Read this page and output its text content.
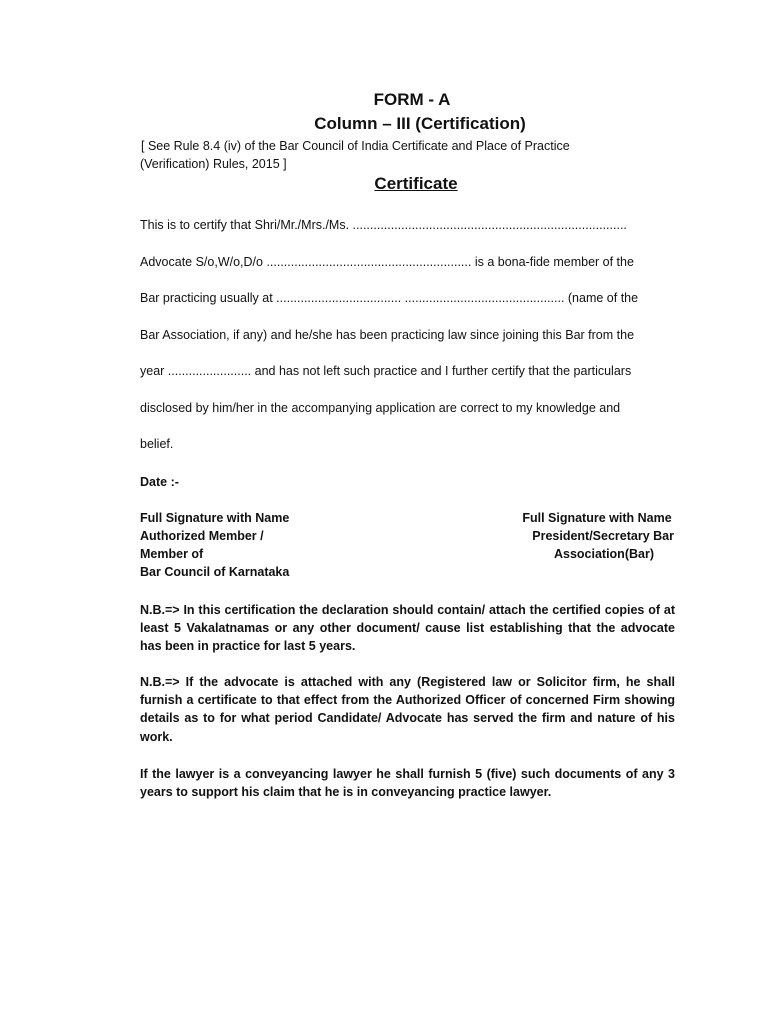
FORM - A
Column – III (Certification)
[ See Rule 8.4 (iv) of the Bar Council of India Certificate and Place of Practice
(Verification) Rules, 2015 ]
Certificate
This is to certify that Shri/Mr./Mrs./Ms. ...............................................................................
Advocate S/o,W/o,D/o ........................................................... is a bona-fide member of the
Bar practicing usually at .................................... .............................................. (name of the
Bar Association, if any) and he/she has been practicing law since joining this Bar from the
year ........................ and has not left such practice and I further certify that the particulars
disclosed by him/her in the accompanying application are correct to my knowledge and
belief.
Date :-
Full Signature with Name
Authorized Member /
Member of
Bar Council of Karnataka
Full Signature with Name
President/Secretary Bar
Association(Bar)
N.B.=> In this certification the declaration should contain/ attach the certified copies of at least 5 Vakalatnamas or any other document/ cause list establishing that the advocate has been in practice for last 5 years.
N.B.=> If the advocate is attached with any (Registered law or Solicitor firm, he shall furnish a certificate to that effect from the Authorized Officer of concerned Firm showing details as to for what period Candidate/ Advocate has served the firm and nature of his work.
If the lawyer is a conveyancing lawyer he shall furnish 5 (five) such documents of any 3 years to support his claim that he is in conveyancing practice lawyer.
